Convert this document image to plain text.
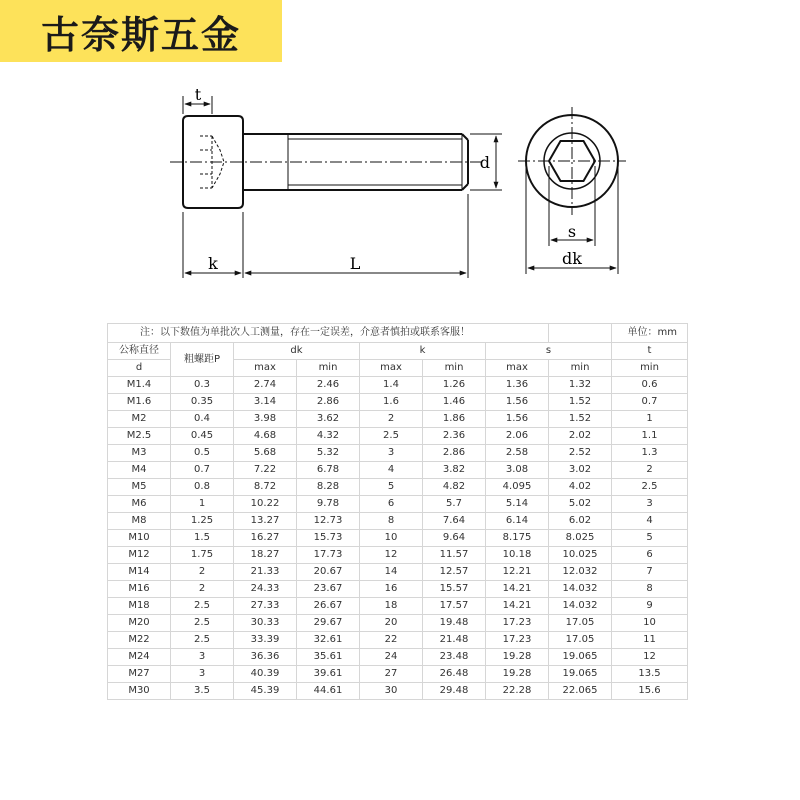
古奈斯五金
t
k	L
d
s
dk
注：以下数值为单批次人工测量，存在一定误差，介意者慎拍或联系客服！								单位：mm
公称直径	粗螺距P	dk		k		s		t
d		max	min	max	min	max	min	min
M1.4	0.3	2.74	2.46	1.4	1.26	1.36	1.32	0.6
M1.6	0.35	3.14	2.86	1.6	1.46	1.56	1.52	0.7
M2	0.4	3.98	3.62	2	1.86	1.56	1.52	1
M2.5	0.45	4.68	4.32	2.5	2.36	2.06	2.02	1.1
M3	0.5	5.68	5.32	3	2.86	2.58	2.52	1.3
M4	0.7	7.22	6.78	4	3.82	3.08	3.02	2
M5	0.8	8.72	8.28	5	4.82	4.095	4.02	2.5
M6	1	10.22	9.78	6	5.7	5.14	5.02	3
M8	1.25	13.27	12.73	8	7.64	6.14	6.02	4
M10	1.5	16.27	15.73	10	9.64	8.175	8.025	5
M12	1.75	18.27	17.73	12	11.57	10.18	10.025	6
M14	2	21.33	20.67	14	12.57	12.21	12.032	7
M16	2	24.33	23.67	16	15.57	14.21	14.032	8
M18	2.5	27.33	26.67	18	17.57	14.21	14.032	9
M20	2.5	30.33	29.67	20	19.48	17.23	17.05	10
M22	2.5	33.39	32.61	22	21.48	17.23	17.05	11
M24	3	36.36	35.61	24	23.48	19.28	19.065	12
M27	3	40.39	39.61	27	26.48	19.28	19.065	13.5
M30	3.5	45.39	44.61	30	29.48	22.28	22.065	15.6
